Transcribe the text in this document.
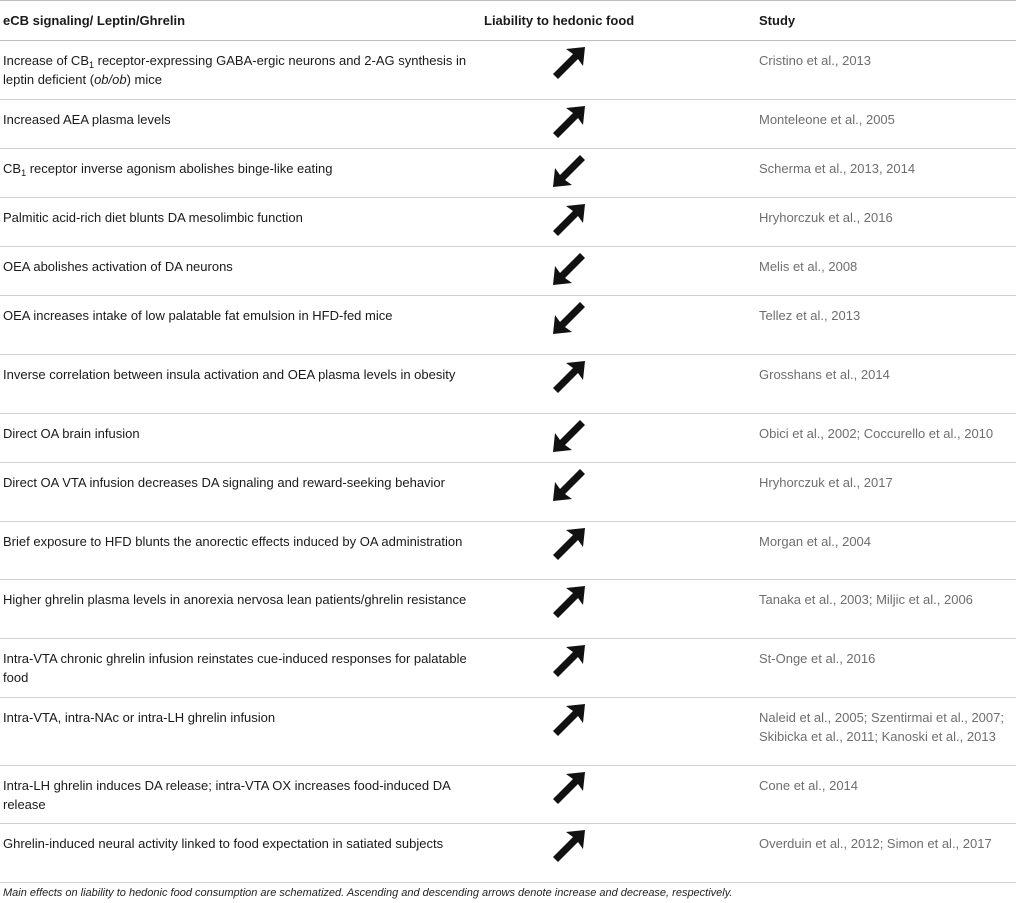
eCB signaling/ Leptin/Ghrelin	Liability to hedonic food	Study
Increase of $CB_1$ receptor-expressing GABA-ergic neurons and 2-AG synthesis in leptin deficient (ob/ob) mice		Cristino et al., 2013
Increased AEA plasma levels		Monteleone et al., 2005
$CB_1$ receptor inverse agonism abolishes binge-like eating		Scherma et al., 2013, 2014
Palmitic acid-rich diet blunts DA mesolimbic function		Hryhorczuk et al., 2016
OEA abolishes activation of DA neurons		Melis et al., 2008
OEA increases intake of low palatable fat emulsion in HFD-fed mice		Tellez et al., 2013
Inverse correlation between insula activation and OEA plasma levels in obesity		Grosshans et al., 2014
Direct OA brain infusion		Obici et al., 2002; Coccurello et al., 2010
Direct OA VTA infusion decreases DA signaling and reward-seeking behavior		Hryhorczuk et al., 2017
Brief exposure to HFD blunts the anorectic effects induced by OA administration		Morgan et al., 2004
Higher ghrelin plasma levels in anorexia nervosa lean patients/ghrelin resistance		Tanaka et al., 2003; Miljic et al., 2006
Intra-VTA chronic ghrelin infusion reinstates cue-induced responses for palatable food		St-Onge et al., 2016
Intra-VTA, intra-NAc or intra-LH ghrelin infusion		Naleid et al., 2005; Szentirmai et al., 2007; Skibicka et al., 2011; Kanoski et al., 2013
Intra-LH ghrelin induces DA release; intra-VTA OX increases food-induced DA release		Cone et al., 2014
Ghrelin-induced neural activity linked to food expectation in satiated subjects		Overduin et al., 2012; Simon et al., 2017
Main effects on liability to hedonic food consumption are schematized. Ascending and descending arrows denote increase and decrease, respectively.
